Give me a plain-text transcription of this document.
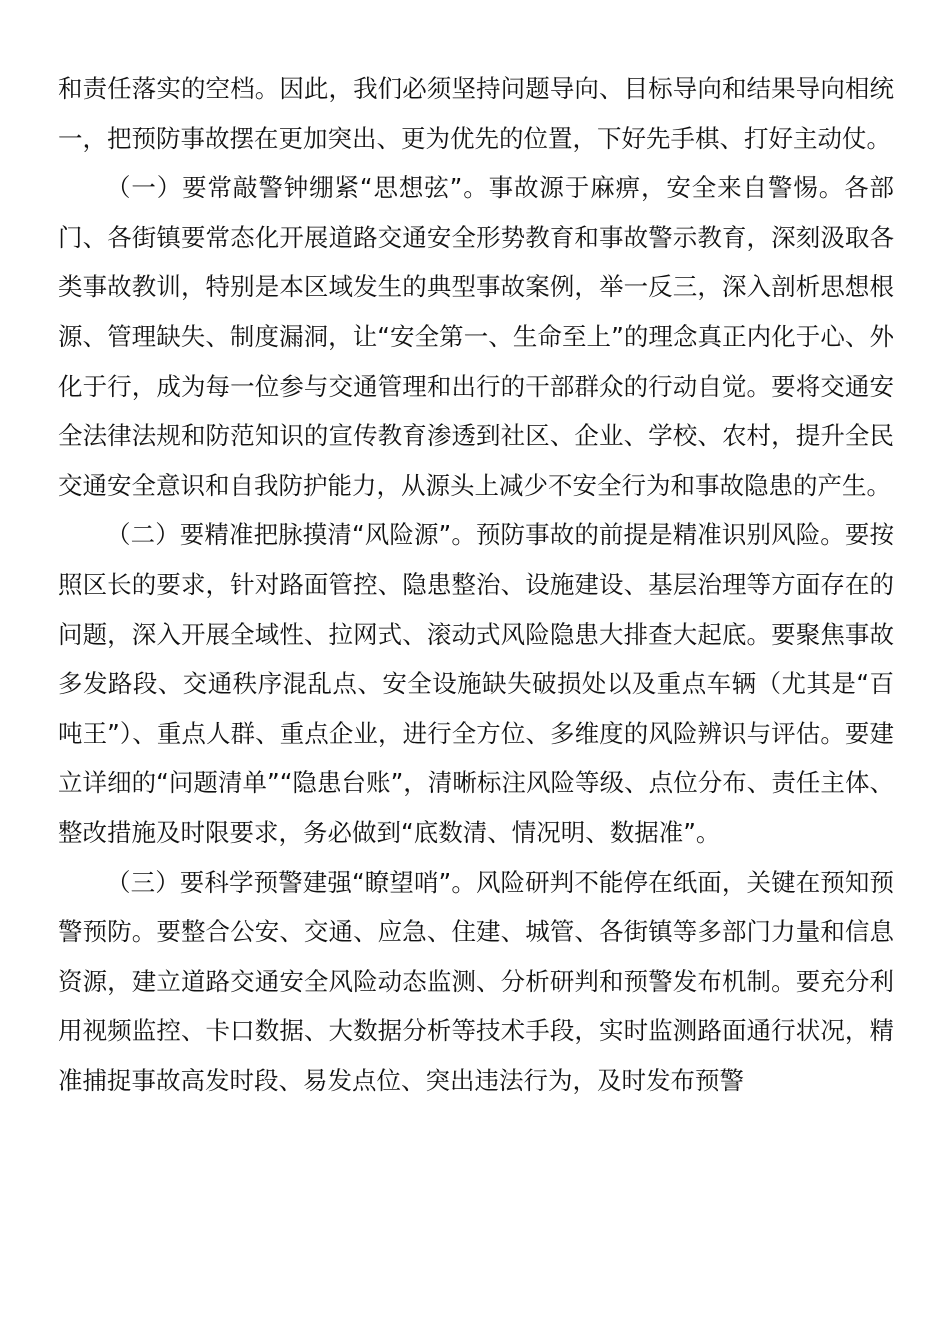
和责任落实的空档。因此，我们必须坚持问题导向、目标导向和结果导向相统一，把预防事故摆在更加突出、更为优先的位置，下好先手棋、打好主动仗。

（一）要常敲警钟绷紧“思想弦”。事故源于麻痹，安全来自警惕。各部门、各街镇要常态化开展道路交通安全形势教育和事故警示教育，深刻汲取各类事故教训，特别是本区域发生的典型事故案例，举一反三，深入剖析思想根源、管理缺失、制度漏洞，让“安全第一、生命至上”的理念真正内化于心、外化于行，成为每一位参与交通管理和出行的干部群众的行动自觉。要将交通安全法律法规和防范知识的宣传教育渗透到社区、企业、学校、农村，提升全民交通安全意识和自我防护能力，从源头上减少不安全行为和事故隐患的产生。

（二）要精准把脉摸清“风险源”。预防事故的前提是精准识别风险。要按照区长的要求，针对路面管控、隐患整治、设施建设、基层治理等方面存在的问题，深入开展全域性、拉网式、滚动式风险隐患大排查大起底。要聚焦事故多发路段、交通秩序混乱点、安全设施缺失破损处以及重点车辆（尤其是“百吨王”）、重点人群、重点企业，进行全方位、多维度的风险辨识与评估。要建立详细的“问题清单”“隐患台账”，清晰标注风险等级、点位分布、责任主体、整改措施及时限要求，务必做到“底数清、情况明、数据准”。

（三）要科学预警建强“瞭望哨”。风险研判不能停在纸面，关键在预知预警预防。要整合公安、交通、应急、住建、城管、各街镇等多部门力量和信息资源，建立道路交通安全风险动态监测、分析研判和预警发布机制。要充分利用视频监控、卡口数据、大数据分析等技术手段，实时监测路面通行状况，精准捕捉事故高发时段、易发点位、突出违法行为，及时发布预警
